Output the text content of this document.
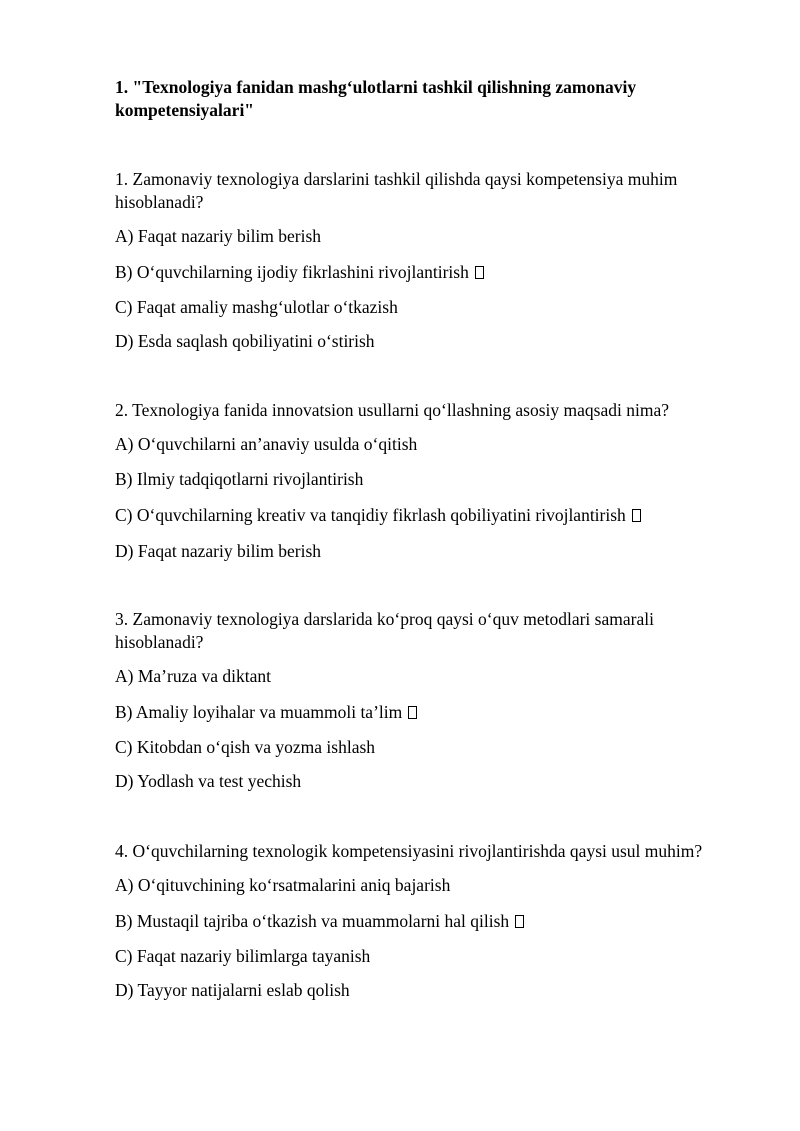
1. "Texnologiya fanidan mashg‘ulotlarni tashkil qilishning zamonaviy kompetensiyalari"

1. Zamonaviy texnologiya darslarini tashkil qilishda qaysi kompetensiya muhim hisoblanadi?

A) Faqat nazariy bilim berish

B) O‘quvchilarning ijodiy fikrlashini rivojlantirish

C) Faqat amaliy mashg‘ulotlar o‘tkazish

D) Esda saqlash qobiliyatini o‘stirish

2. Texnologiya fanida innovatsion usullarni qo‘llashning asosiy maqsadi nima?

A) O‘quvchilarni an’anaviy usulda o‘qitish

B) Ilmiy tadqiqotlarni rivojlantirish

C) O‘quvchilarning kreativ va tanqidiy fikrlash qobiliyatini rivojlantirish

D) Faqat nazariy bilim berish

3. Zamonaviy texnologiya darslarida ko‘proq qaysi o‘quv metodlari samarali hisoblanadi?

A) Ma’ruza va diktant

B) Amaliy loyihalar va muammoli ta’lim

C) Kitobdan o‘qish va yozma ishlash

D) Yodlash va test yechish

4. O‘quvchilarning texnologik kompetensiyasini rivojlantirishda qaysi usul muhim?

A) O‘qituvchining ko‘rsatmalarini aniq bajarish

B) Mustaqil tajriba o‘tkazish va muammolarni hal qilish

C) Faqat nazariy bilimlarga tayanish

D) Tayyor natijalarni eslab qolish
